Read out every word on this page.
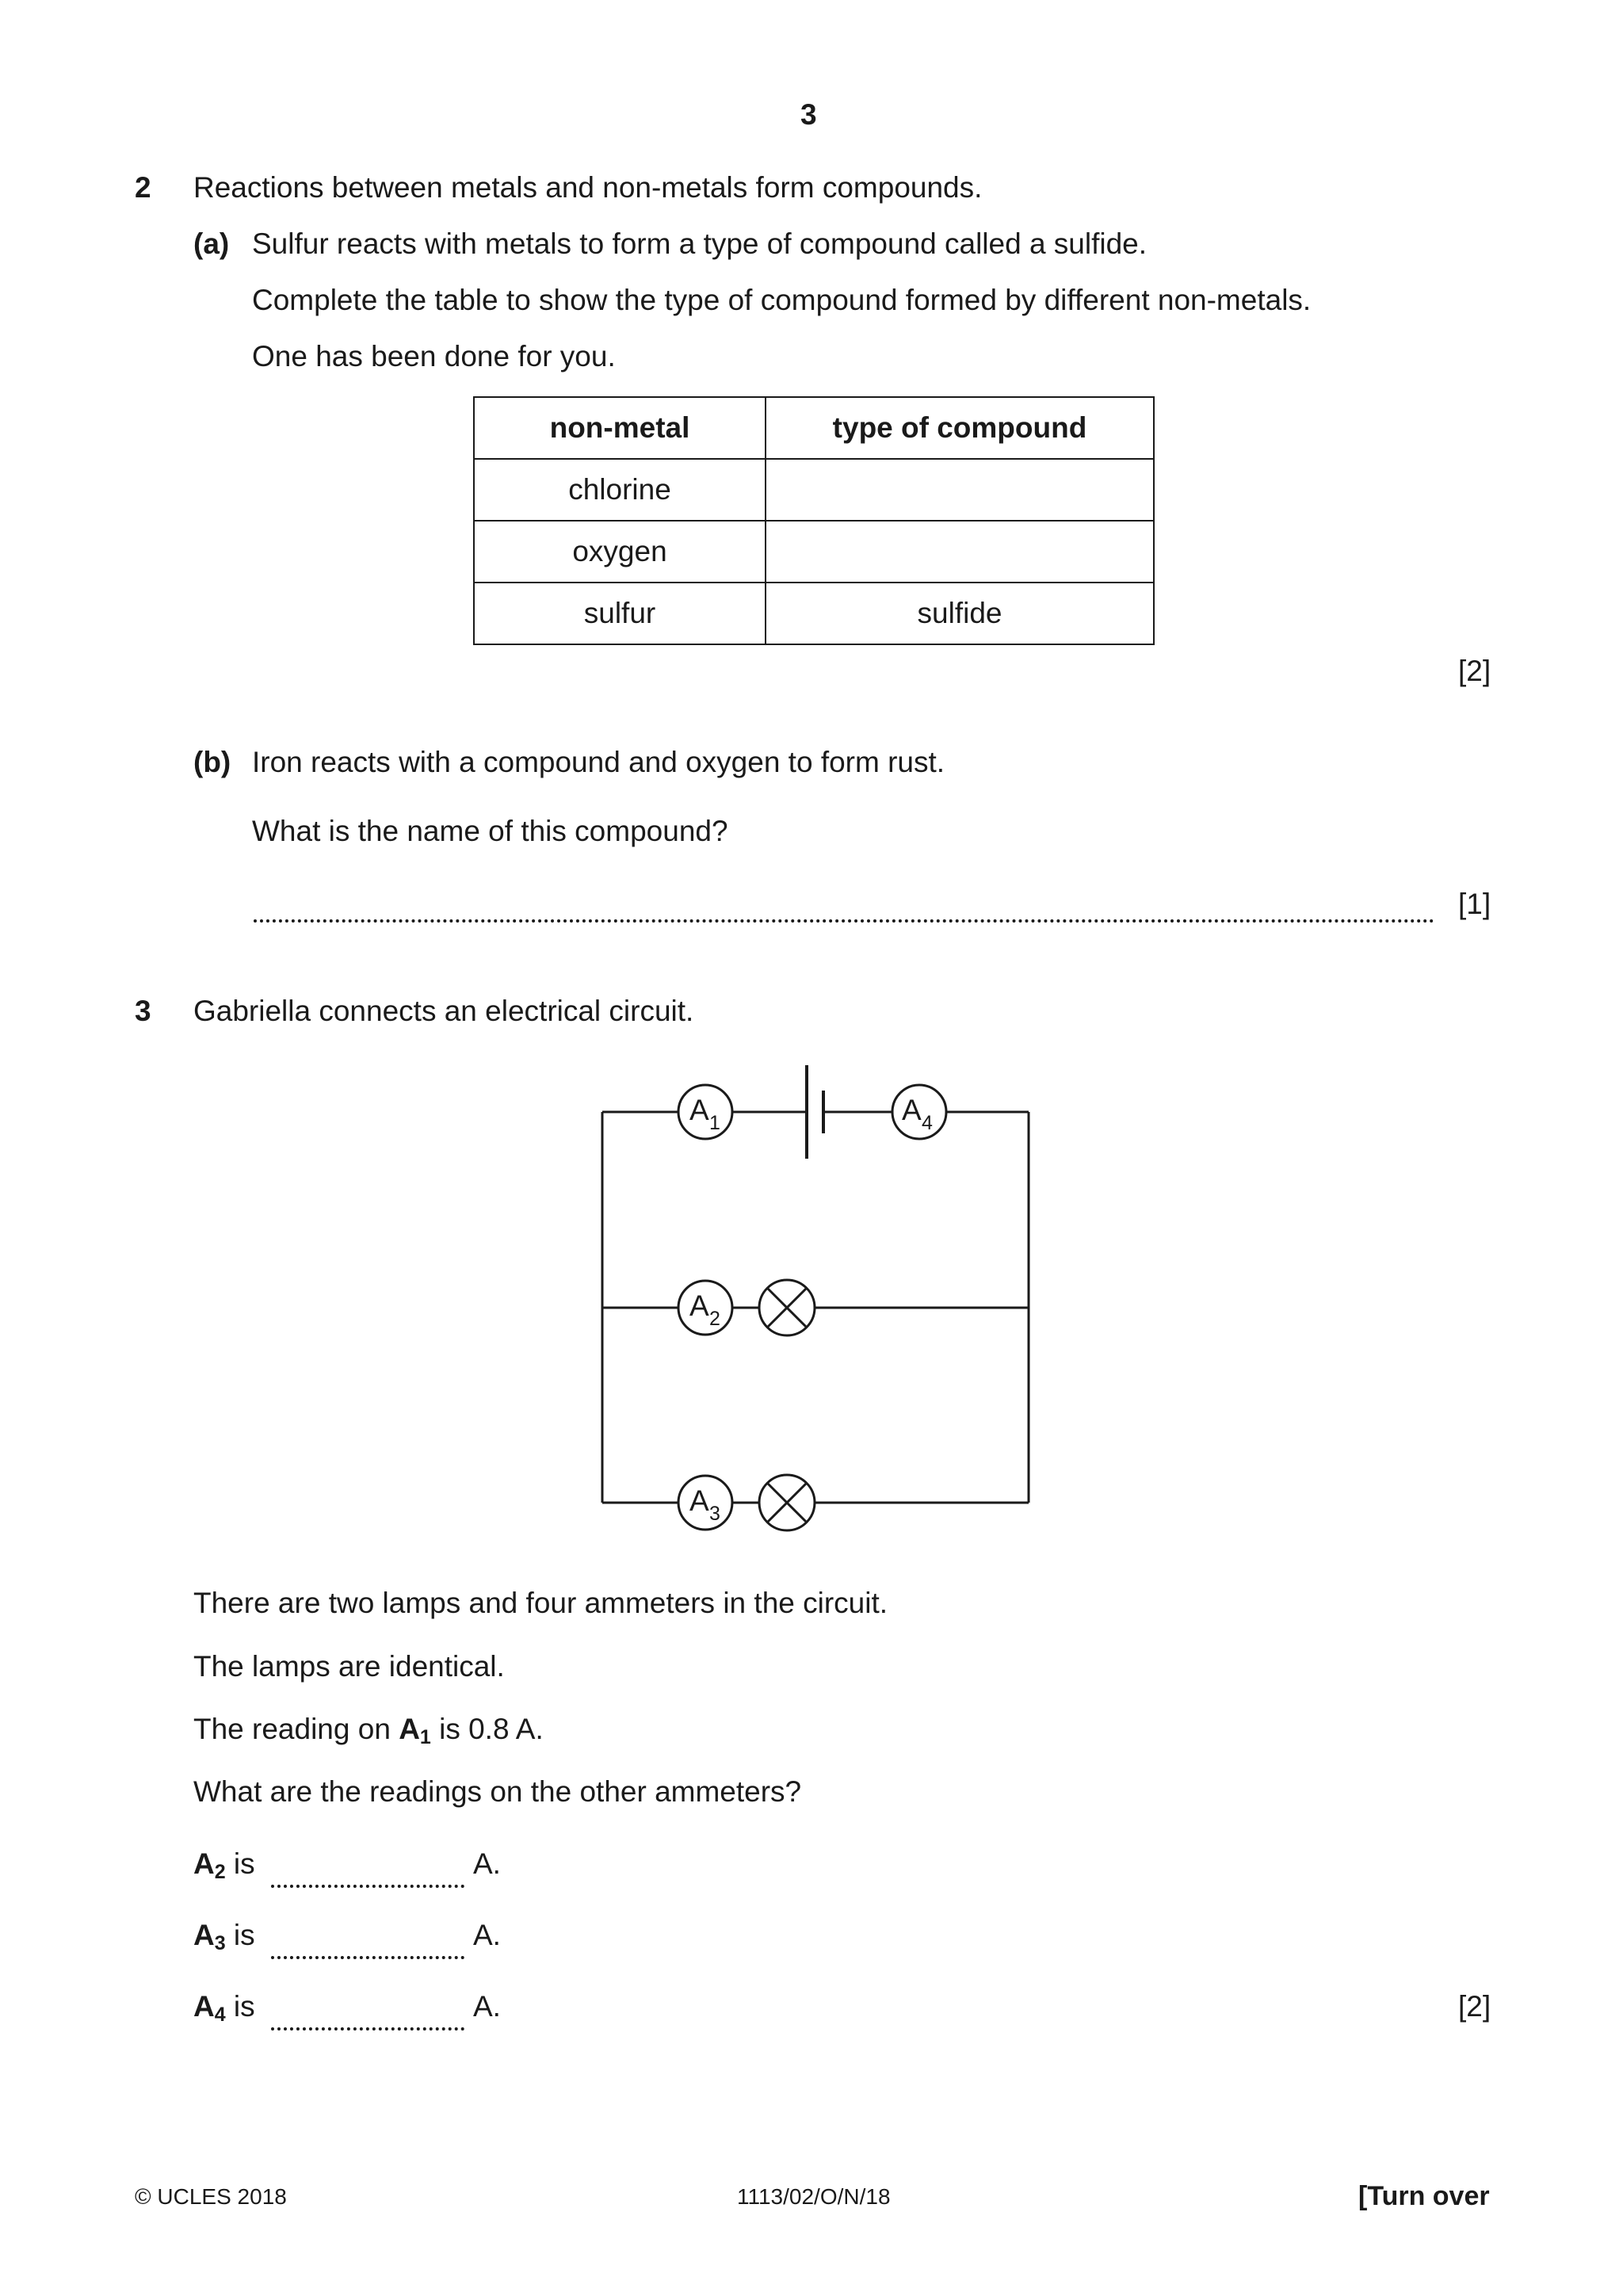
3
2 Reactions between metals and non-metals form compounds.
(a) Sulfur reacts with metals to form a type of compound called a sulfide.
Complete the table to show the type of compound formed by different non-metals.
One has been done for you.
non-metal	type of compound
chlorine	
oxygen	
sulfur	sulfide
[2]
(b) Iron reacts with a compound and oxygen to form rust.
What is the name of this compound?
[1]
3 Gabriella connects an electrical circuit.
A 1	A 4
A 2
A 3
There are two lamps and four ammeters in the circuit.
The lamps are identical.
The reading on $A_1$ is 0.8 A.
What are the readings on the other ammeters?
$A_2$ is	A.
$A_3$ is	A.
$A_4$ is	A.	[2]
© UCLES 2018	1113/02/O/N/18	[Turn over
